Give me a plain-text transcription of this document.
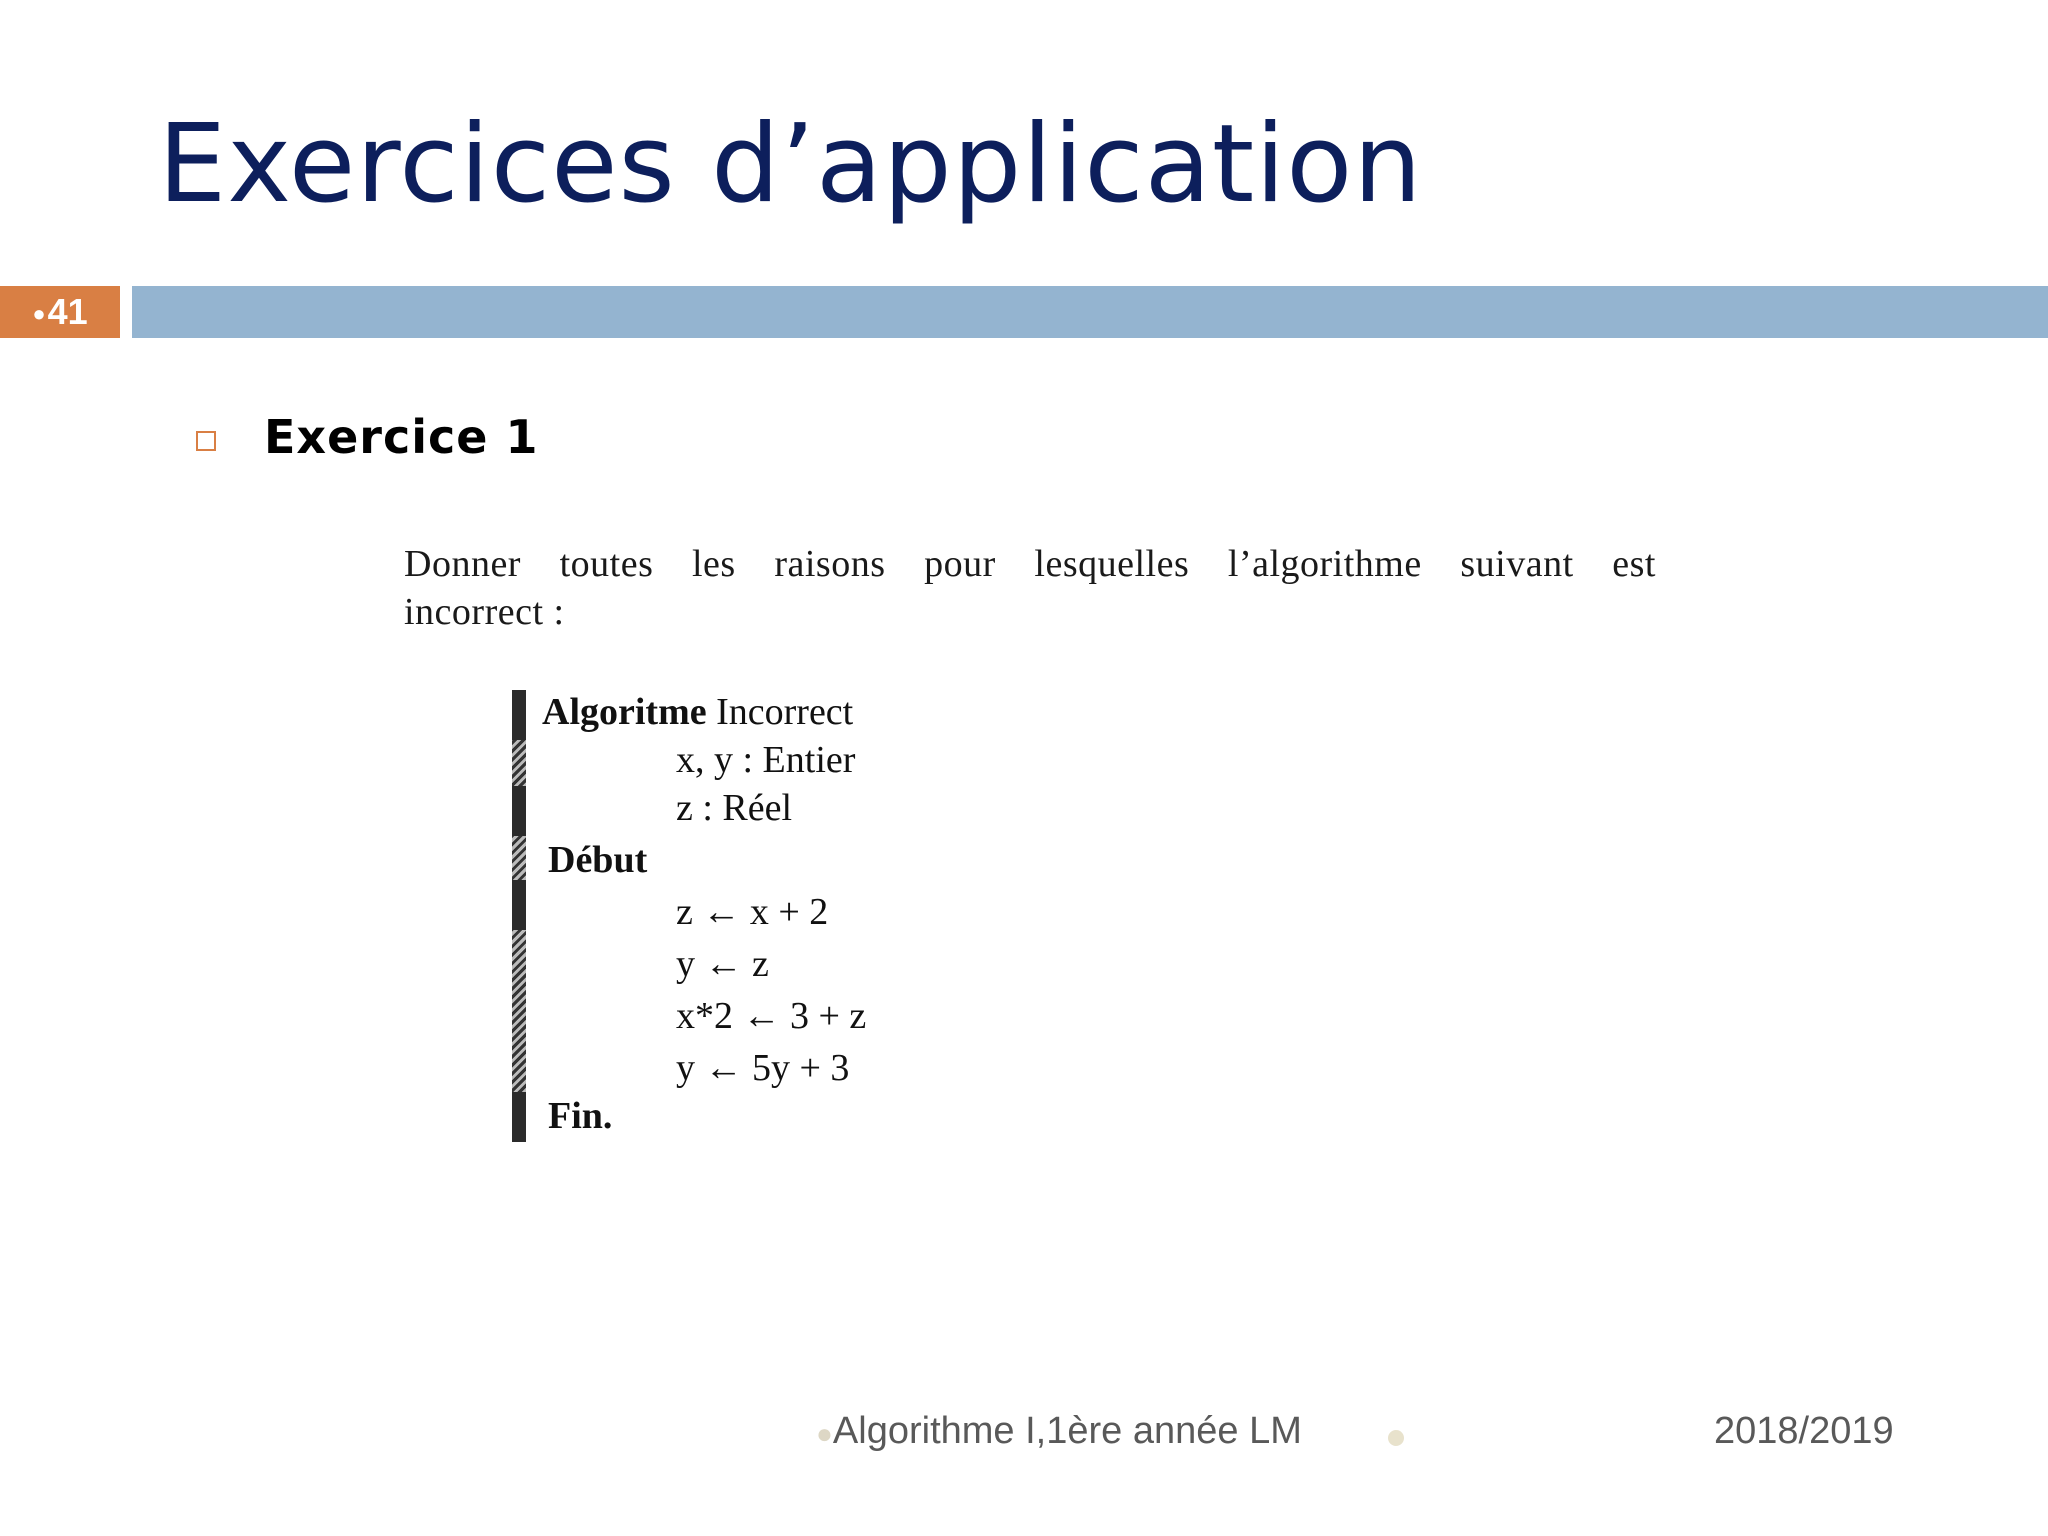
Exercices d’application
●41
Exercice 1
Donner toutes les raisons pour lesquelles l’algorithme suivant est
incorrect :
Algoritme Incorrect
x, y : Entier
z : Réel
Début
z ← x + 2
y ← z
x*2 ← 3 + z
y ← 5y + 3
Fin.
●Algorithme I,1ère année LM	2018/2019
